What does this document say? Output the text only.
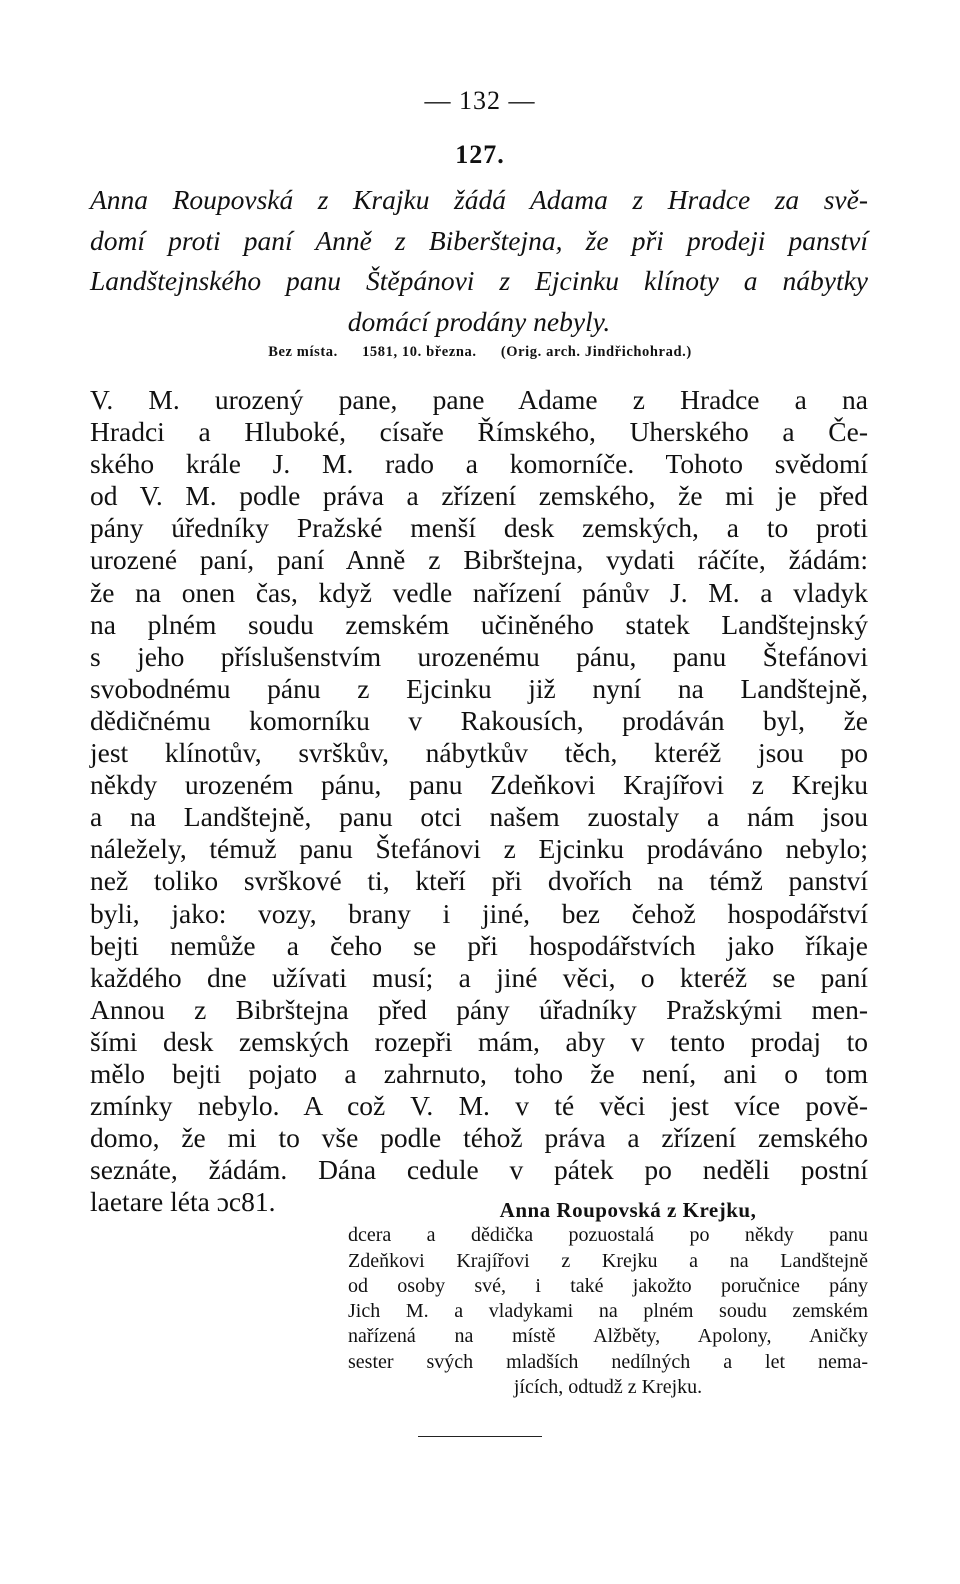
— 132 —
127.
Anna Roupovská z Krajku žádá Adama z Hradce za svě-
domí proti paní Anně z Biberštejna, že při prodeji panství
Landštejnského panu Štěpánovi z Ejcinku klínoty a nábytky
domácí prodány nebyly.
Bez místa. 1581, 10. března. (Orig. arch. Jindřichohrad.)
V. M. urozený pane, pane Adame z Hradce a na
Hradci a Hluboké, císaře Římského, Uherského a Če-
ského krále J. M. rado a komorníče. Tohoto svědomí
od V. M. podle práva a zřízení zemského, že mi je před
pány úředníky Pražské me⁠nší desk zemských, a to proti
urozené paní, paní Anně z Bibrštejna, vydati ráčíte, žádám:
že na onen čas, když vedle nařízení pánův J. M. a vladyk
na plném soudu zemském učiněného statek Landštejnský
s jeho příslušenstvím urozenému pánu, panu Štefánovi
svobodnému pánu z Ejcinku již nyní na Landštejně,
dědičnému komorníku v Rakousích, prodáván byl, že
jest klínotův, svrškův, nábytkův těch, kteréž jsou po
někdy urozeném pánu, panu Zdeňkovi Krajířovi z Krejku
a na Landštejně, panu otci našem zuostaly a nám jsou
náležely, témuž panu Štefánovi z Ejcinku prodáváno nebylo;
než toliko svrškové ti, kteří při dvořích na témž panství
byli, jako: vozy, brany i jiné, bez čehož hospodářství
bejti nemůže a čeho se při hospodářstvích jako říkaje
každého dne užívati musí; a jiné věci, o kteréž se paní
Annou z Bibrštejna před pány úřadníky Pražskými men-
šími desk zemských rozepři mám, aby v tento prodaj to
mělo bejti pojato a zahrnuto, toho že není, ani o tom
zmínky nebylo. A což V. M. v té věci jest více pově-
domo, že mi to vše podle téhož práva a zřízení zemského
seznáte, žádám. Dána cedule v pátek po neděli postní
laetare léta ɔc81.	Anna Roupovská z Krejku,
dcera a dědička pozuostalá po někdy panu
Zdeňkovi Krajířovi z Krejku a na Landštejně
od osoby své, i také jakožto poručnice pány
Jich M. a vladykami na plném soudu zemském
nařízená na místě Alžběty, Apolony, Aničky
sester svých mladších nedílných a let nema-
jících, odtudž z Krejku.
